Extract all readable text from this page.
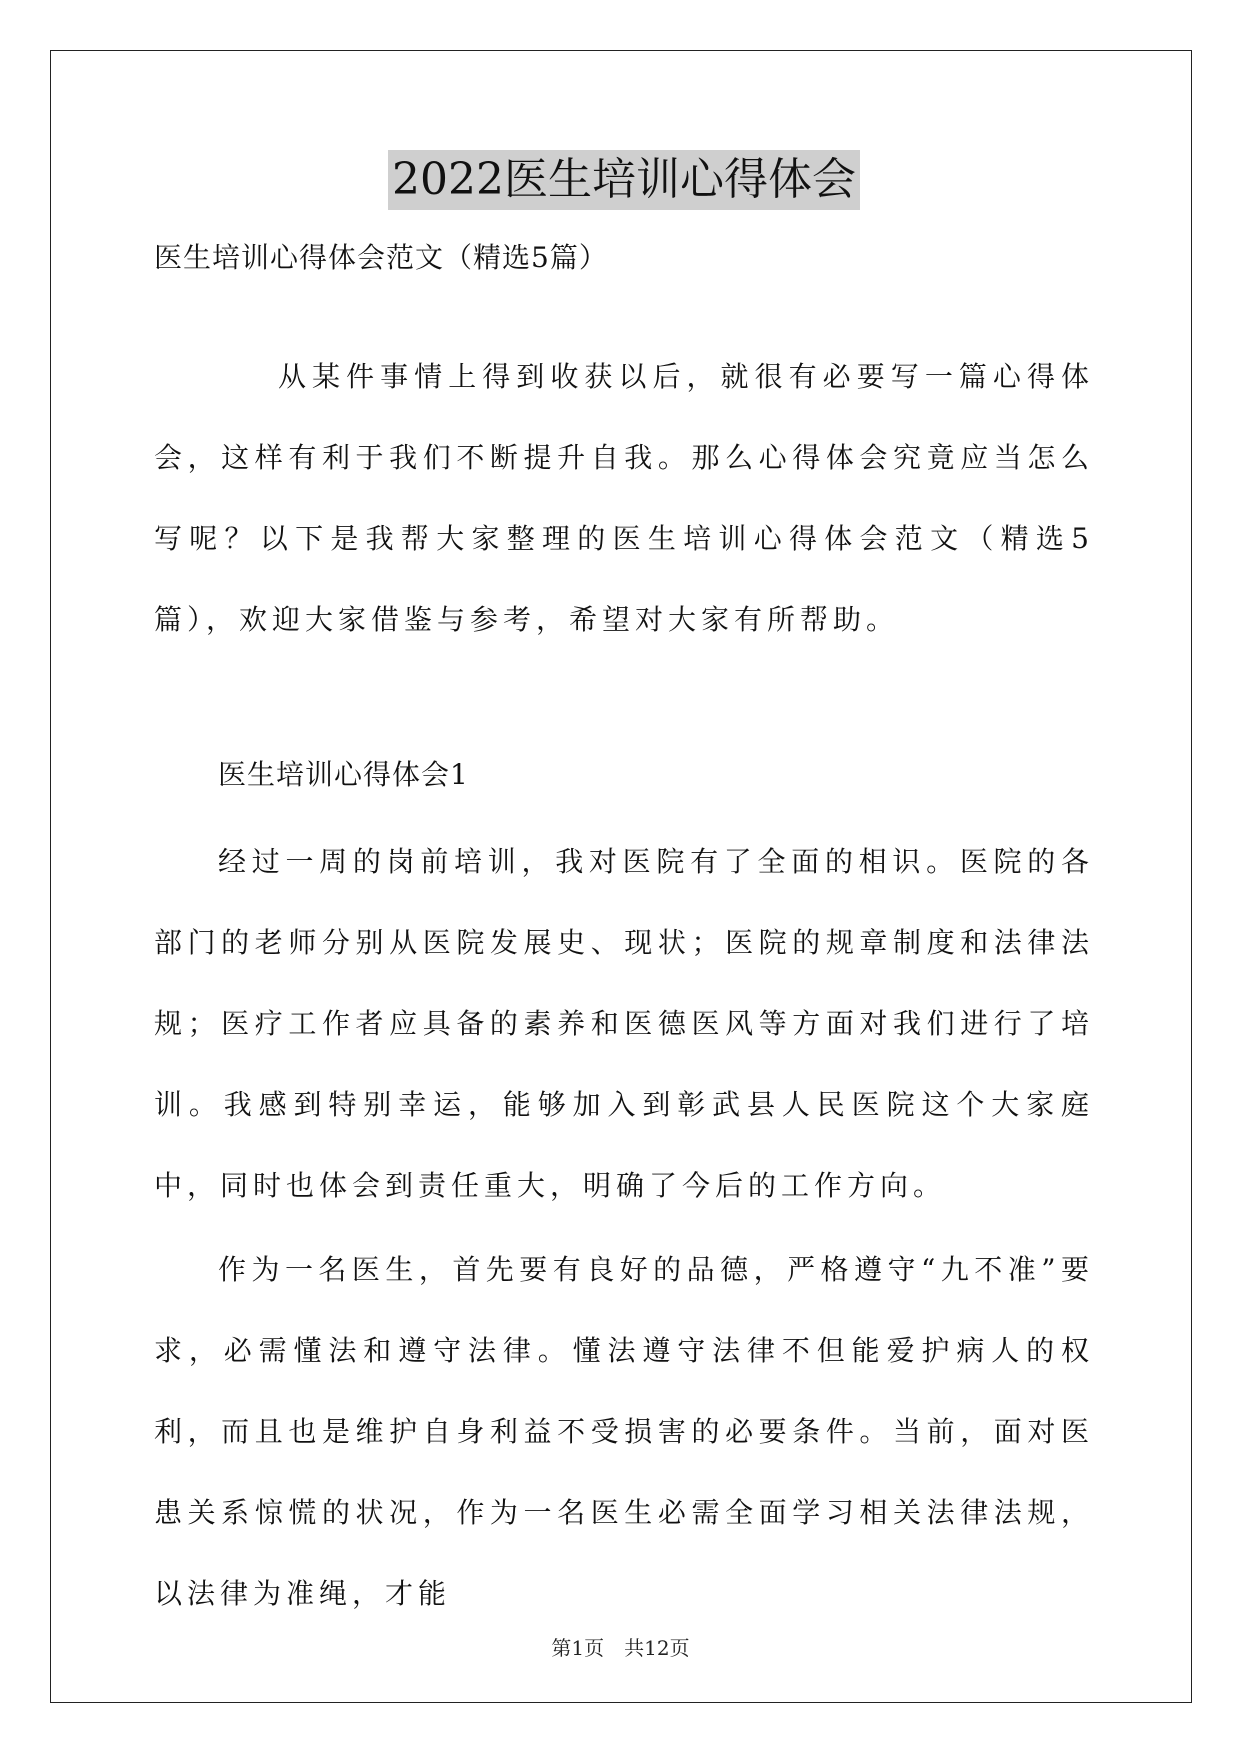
2022医生培训心得体会
医生培训心得体会范文（精选5篇）

从某件事情上得到收获以后，就很有必要写一篇心得体会，这样有利于我们不断提升自我。那么心得体会究竟应当怎么写呢？以下是我帮大家整理的医生培训心得体会范文（精选5篇），欢迎大家借鉴与参考，希望对大家有所帮助。

医生培训心得体会1

经过一周的岗前培训，我对医院有了全面的相识。医院的各部门的老师分别从医院发展史、现状；医院的规章制度和法律法规；医疗工作者应具备的素养和医德医风等方面对我们进行了培训。我感到特别幸运，能够加入到彰武县人民医院这个大家庭中，同时也体会到责任重大，明确了今后的工作方向。

作为一名医生，首先要有良好的品德，严格遵守“九不准”要求，必需懂法和遵守法律。懂法遵守法律不但能爱护病人的权利，而且也是维护自身利益不受损害的必要条件。当前，面对医患关系惊慌的状况，作为一名医生必需全面学习相关法律法规，以法律为准绳，才能

第1页　共12页
